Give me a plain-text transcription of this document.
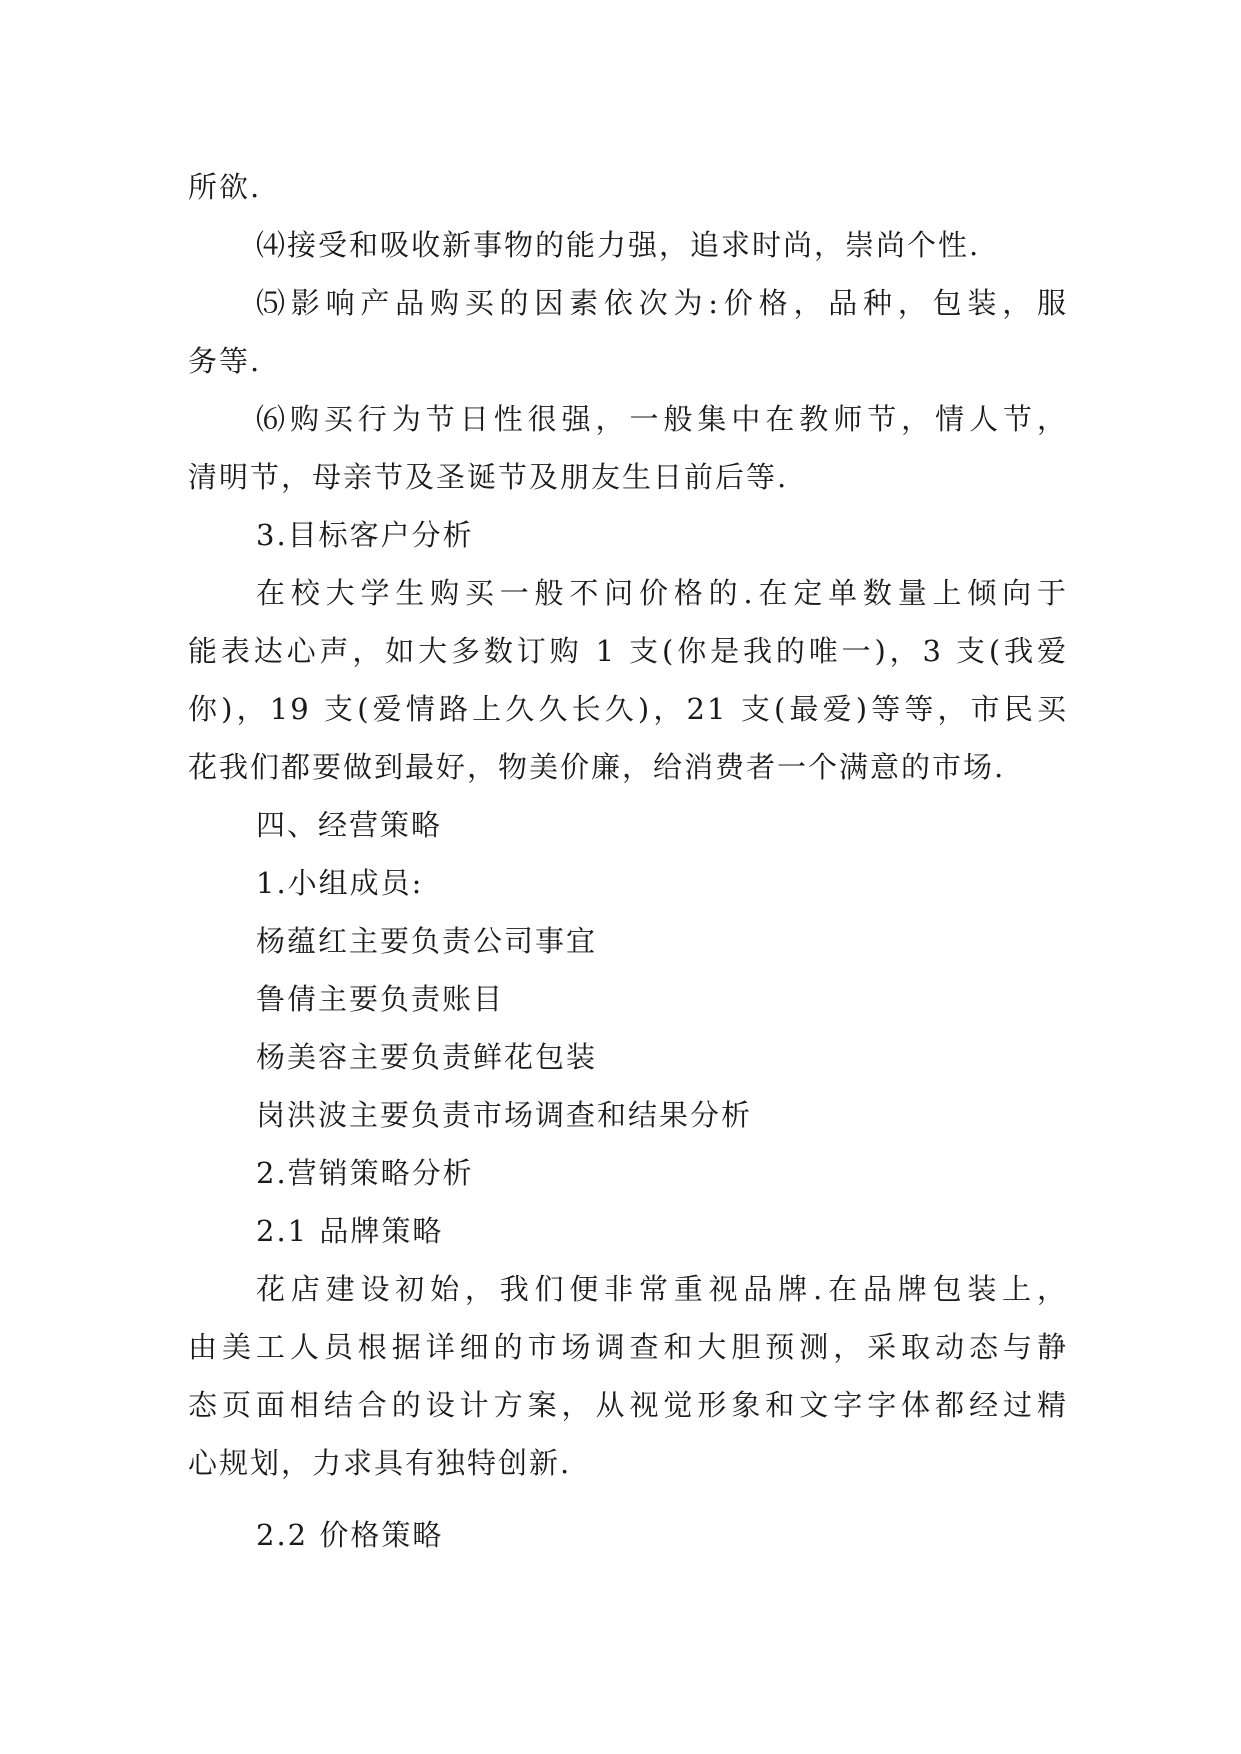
所欲.
⑷接受和吸收新事物的能力强，追求时尚，崇尚个性.
⑸影响产品购买的因素依次为:价格，品种，包装，服
务等.
⑹购买行为节日性很强，一般集中在教师节，情人节，
清明节，母亲节及圣诞节及朋友生日前后等.
3.目标客户分析
在校大学生购买一般不问价格的.在定单数量上倾向于
能表达心声，如大多数订购 1 支(你是我的唯一)，3 支(我爱
你)，19 支(爱情路上久久长久)，21 支(最爱)等等，市民买
花我们都要做到最好，物美价廉，给消费者一个满意的市场.
四、经营策略
1.小组成员:
杨蕴红主要负责公司事宜
鲁倩主要负责账目
杨美容主要负责鲜花包装
岗洪波主要负责市场调查和结果分析
2.营销策略分析
2.1 品牌策略
花店建设初始，我们便非常重视品牌.在品牌包装上，
由美工人员根据详细的市场调查和大胆预测，采取动态与静
态页面相结合的设计方案，从视觉形象和文字字体都经过精
心规划，力求具有独特创新.
2.2 价格策略
